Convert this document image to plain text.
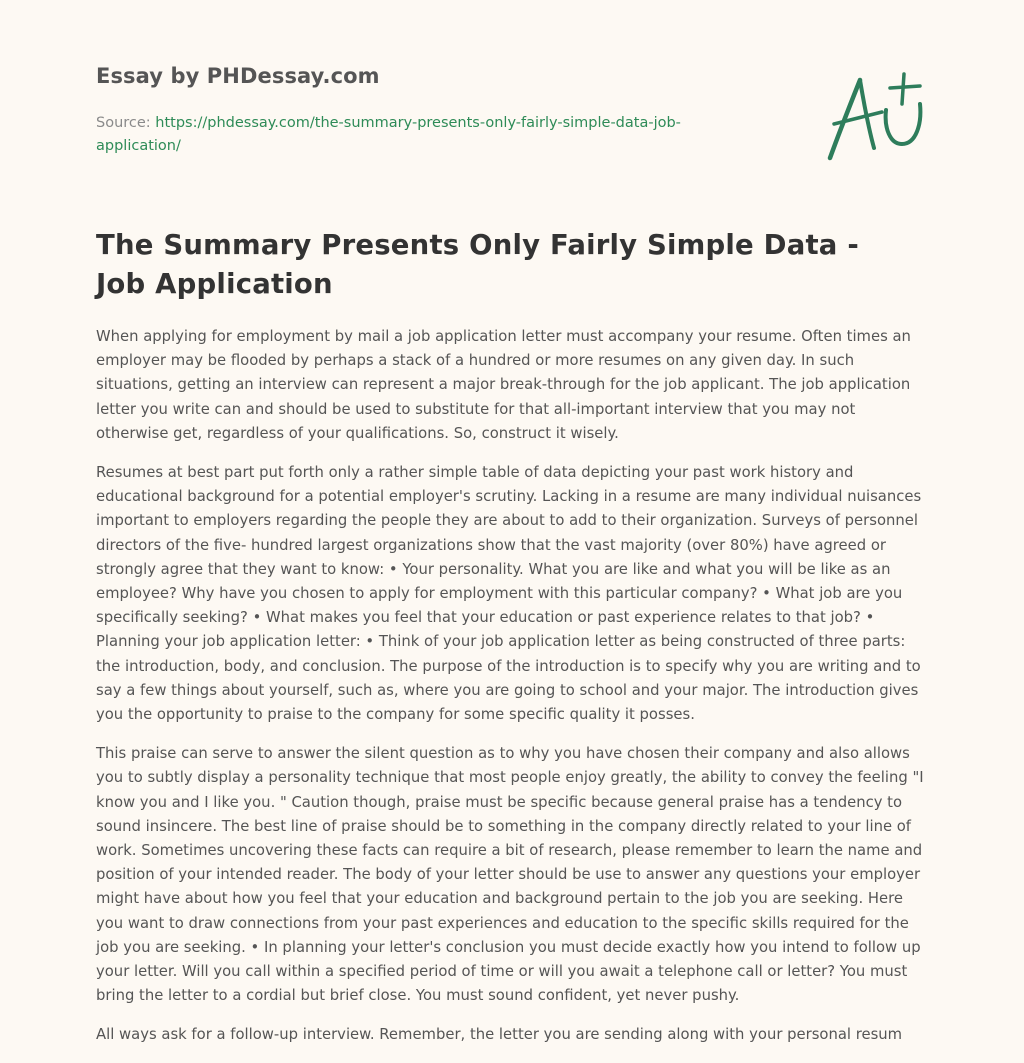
Essay by PHDessay.com
Source: https://phdessay.com/the-summary-presents-only-fairly-simple-data-job-application/
The Summary Presents Only Fairly Simple Data - Job Application

When applying for employment by mail a job application letter must accompany your resume. Often times an employer may be flooded by perhaps a stack of a hundred or more resumes on any given day. In such situations, getting an interview can represent a major break-through for the job applicant. The job application letter you write can and should be used to substitute for that all-important interview that you may not otherwise get, regardless of your qualifications. So, construct it wisely.

Resumes at best part put forth only a rather simple table of data depicting your past work history and educational background for a potential employer's scrutiny. Lacking in a resume are many individual nuisances important to employers regarding the people they are about to add to their organization. Surveys of personnel directors of the five- hundred largest organizations show that the vast majority (over 80%) have agreed or strongly agree that they want to know: • Your personality. What you are like and what you will be like as an employee? Why have you chosen to apply for employment with this particular company? • What job are you specifically seeking? • What makes you feel that your education or past experience relates to that job? • Planning your job application letter: • Think of your job application letter as being constructed of three parts: the introduction, body, and conclusion. The purpose of the introduction is to specify why you are writing and to say a few things about yourself, such as, where you are going to school and your major. The introduction gives you the opportunity to praise to the company for some specific quality it posses.

This praise can serve to answer the silent question as to why you have chosen their company and also allows you to subtly display a personality technique that most people enjoy greatly, the ability to convey the feeling "I know you and I like you. " Caution though, praise must be specific because general praise has a tendency to sound insincere. The best line of praise should be to something in the company directly related to your line of work. Sometimes uncovering these facts can require a bit of research, please remember to learn the name and position of your intended reader. The body of your letter should be use to answer any questions your employer might have about how you feel that your education and background pertain to the job you are seeking. Here you want to draw connections from your past experiences and education to the specific skills required for the job you are seeking. • In planning your letter's conclusion you must decide exactly how you intend to follow up your letter. Will you call within a specified period of time or will you await a telephone call or letter? You must bring the letter to a cordial but brief close. You must sound confident, yet never pushy.

All ways ask for a follow-up interview. Remember, the letter you are sending along with your personal resum
